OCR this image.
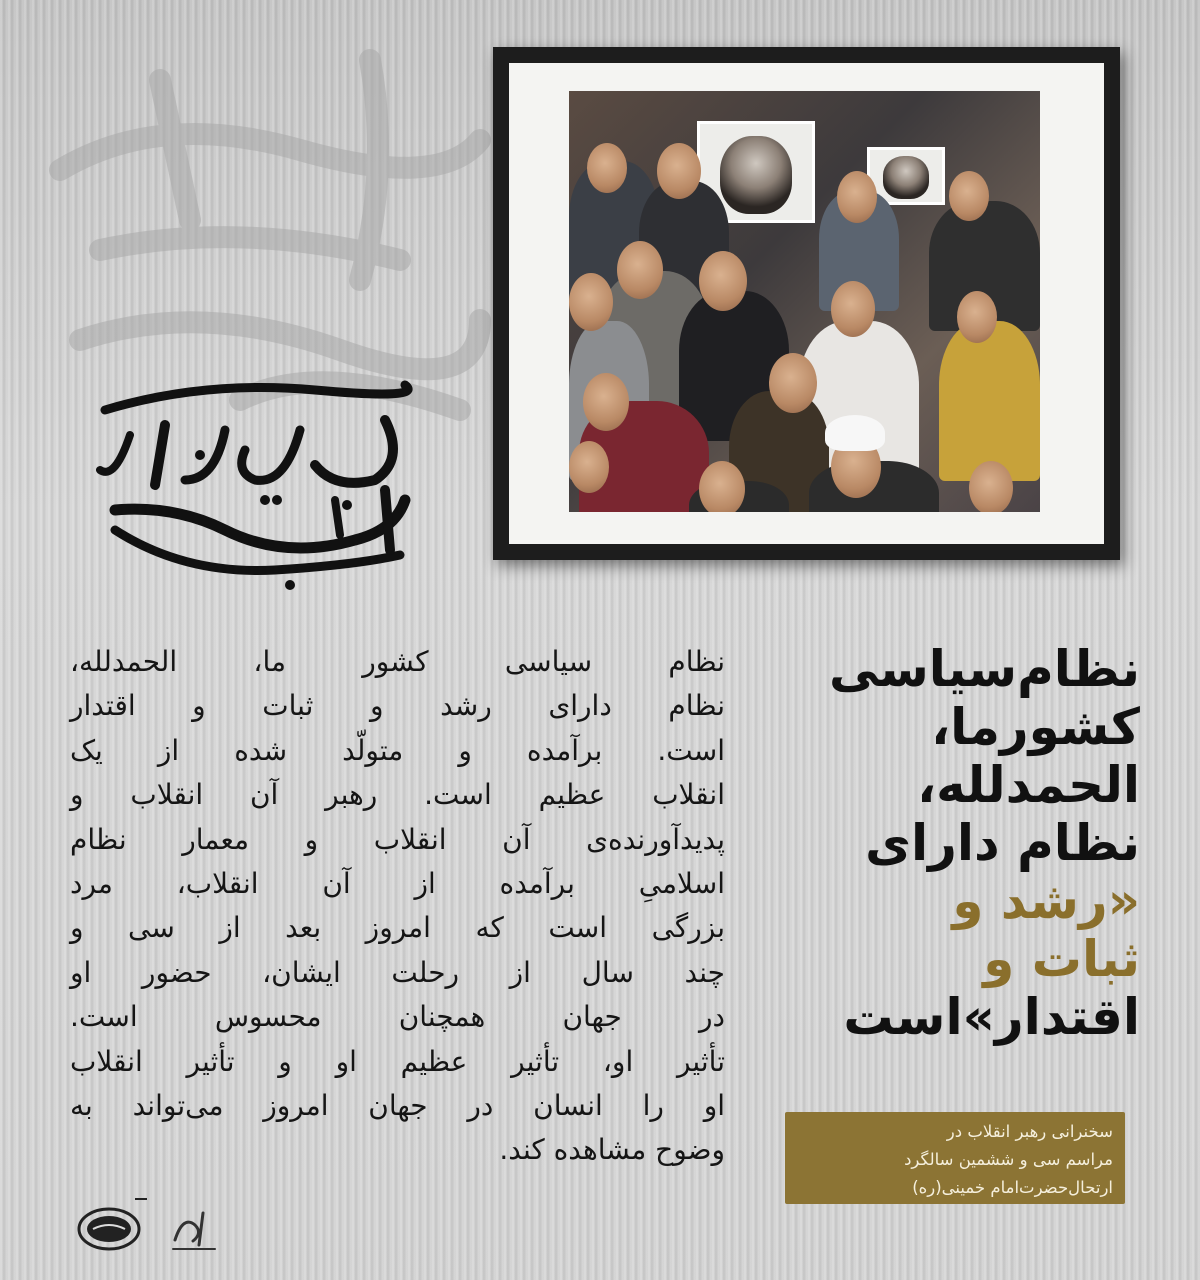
نظام‌سیاسی
کشورما،
الحمدلله،
نظام دارای
«رشد و
ثبات و
اقتدار»است
سخنرانی رهبر انقلاب در
مراسم سی و ششمین سالگرد
ارتحال‌حضرت‌امام خمینی(ره)
نظام سیاسی کشور ما، الحمدلله،
نظام دارای رشد و ثبات و اقتدار
است. برآمده و متولّد شده از یک
انقلاب عظیم است. رهبر آن انقلاب و
پدیدآورنده‌ی آن انقلاب و معمار نظام
اسلامیِ برآمده از آن انقلاب، مرد
بزرگی است که امروز بعد از سی و
چند سال از رحلت ایشان، حضور او
در جهان همچنان محسوس است.
تأثیر او، تأثیر عظیم او و تأثیر انقلاب
او را انسان در جهان امروز می‌تواند به
وضوح مشاهده کند.
